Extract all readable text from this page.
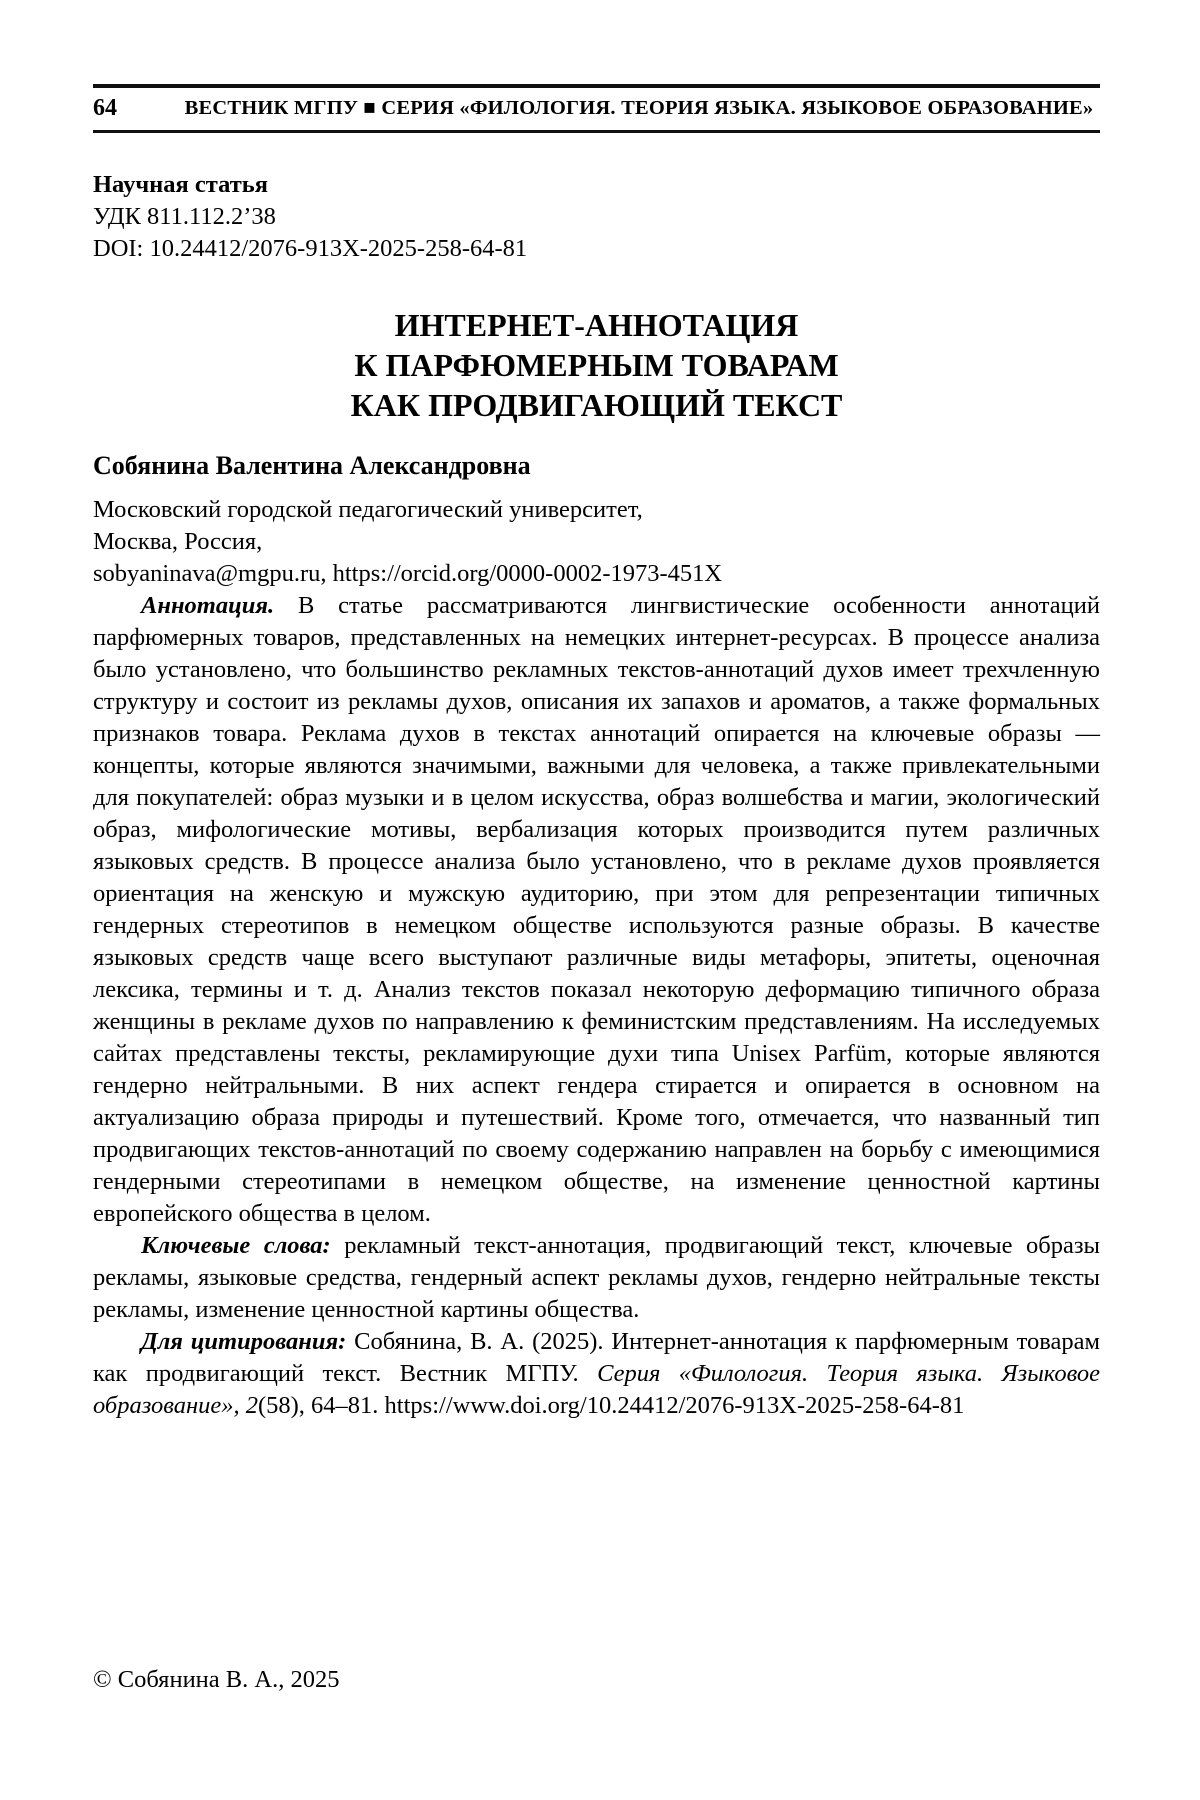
64	ВЕСТНИК МГПУ ■ СЕРИЯ «ФИЛОЛОГИЯ. ТЕОРИЯ ЯЗЫКА. ЯЗЫКОВОЕ ОБРАЗОВАНИЕ»
Научная статья
УДК 811.112.2’38
DOI: 10.24412/2076-913X-2025-258-64-81
ИНТЕРНЕТ-АННОТАЦИЯ
К ПАРФЮМЕРНЫМ ТОВАРАМ
КАК ПРОДВИГАЮЩИЙ ТЕКСТ
Собянина Валентина Александровна
Московский городской педагогический университет,
Москва, Россия,
sobyaninava@mgpu.ru, https://orcid.org/0000-0002-1973-451X

Аннотация. В статье рассматриваются лингвистические особенности аннотаций парфюмерных товаров, представленных на немецких интернет-ресурсах. В процессе анализа было установлено, что большинство рекламных текстов-аннотаций духов имеет трехчленную структуру и состоит из рекламы духов, описания их запахов и ароматов, а также формальных признаков товара. Реклама духов в текстах аннотаций опирается на ключевые образы — концепты, которые являются значимыми, важными для человека, а также привлекательными для покупателей: образ музыки и в целом искусства, образ волшебства и магии, экологический образ, мифологические мотивы, вербализация которых производится путем различных языковых средств. В процессе анализа было установлено, что в рекламе духов проявляется ориентация на женскую и мужскую аудиторию, при этом для репрезентации типичных гендерных стереотипов в немецком обществе используются разные образы. В качестве языковых средств чаще всего выступают различные виды метафоры, эпитеты, оценочная лексика, термины и т. д. Анализ текстов показал некоторую деформацию типичного образа женщины в рекламе духов по направлению к феминистским представлениям. На исследуемых сайтах представлены тексты, рекламирующие духи типа Unisex Parfüm, которые являются гендерно нейтральными. В них аспект гендера стирается и опирается в основном на актуализацию образа природы и путешествий. Кроме того, отмечается, что названный тип продвигающих текстов-аннотаций по своему содержанию направлен на борьбу с имеющимися гендерными стереотипами в немецком обществе, на изменение ценностной картины европейского общества в целом.

Ключевые слова: рекламный текст-аннотация, продвигающий текст, ключевые образы рекламы, языковые средства, гендерный аспект рекламы духов, гендерно нейтральные тексты рекламы, изменение ценностной картины общества.

Для цитирования: Собянина, В. А. (2025). Интернет-аннотация к парфюмерным товарам как продвигающий текст. Вестник МГПУ. Серия «Филология. Теория языка. Языковое образование», 2(58), 64–81. https://www.doi.org/10.24412/2076-913X-2025-258-64-81

© Собянина В. А., 2025
